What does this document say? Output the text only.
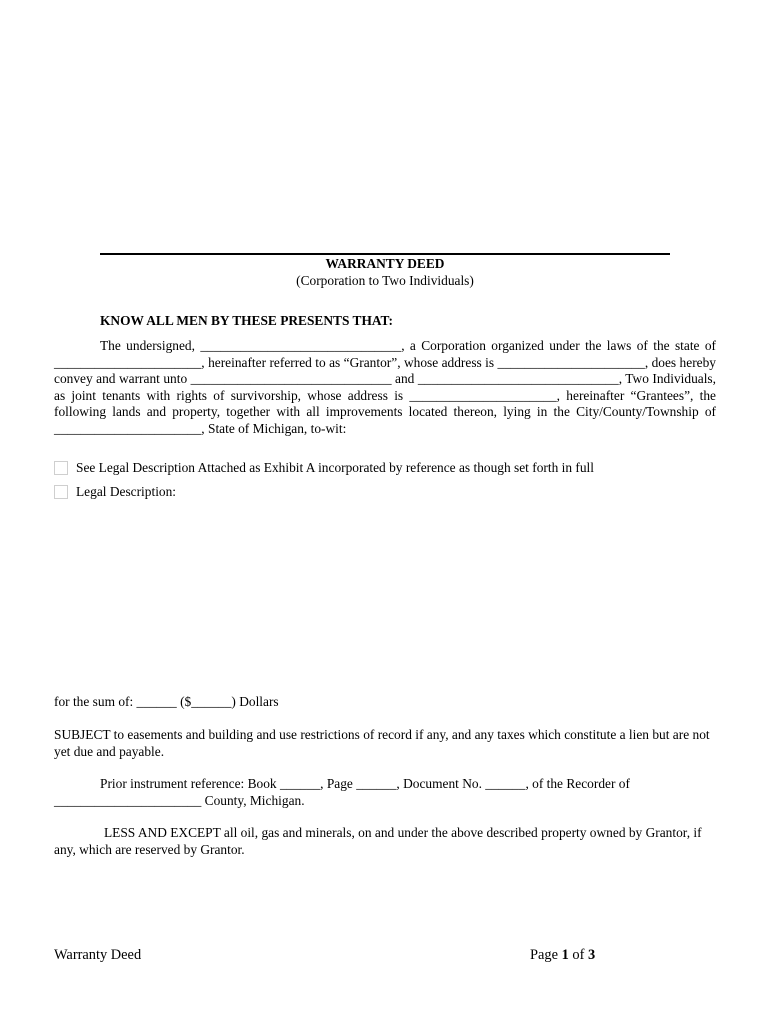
WARRANTY DEED
(Corporation to Two Individuals)
KNOW ALL MEN BY THESE PRESENTS THAT:
The undersigned, ______________________________, a Corporation organized under the laws of the state of ______________________, hereinafter referred to as “Grantor”, whose address is ______________________, does hereby convey and warrant unto ______________________________ and ______________________________, Two Individuals, as joint tenants with rights of survivorship, whose address is ______________________, hereinafter “Grantees”, the following lands and property, together with all improvements located thereon, lying in the City/County/Township of ______________________, State of Michigan, to-wit:
See Legal Description Attached as Exhibit A incorporated by reference as though set forth in full
Legal Description:
for the sum of: ______ ($______) Dollars
SUBJECT to easements and building and use restrictions of record if any, and any taxes which constitute a lien but are not yet due and payable.
Prior instrument reference: Book ______, Page ______, Document No. ______, of the Recorder of ______________________ County, Michigan.
LESS AND EXCEPT all oil, gas and minerals, on and under the above described property owned by Grantor, if any, which are reserved by Grantor.
Warranty Deed	Page 1 of 3
